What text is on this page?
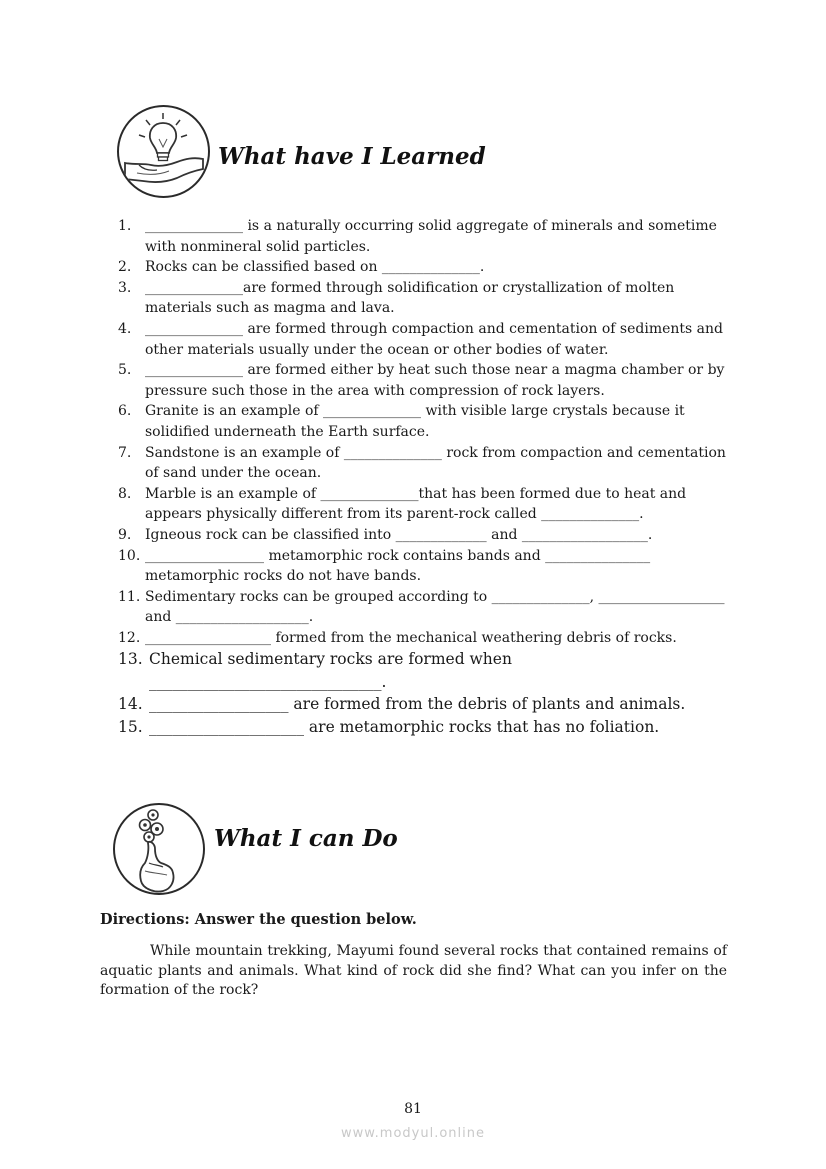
What have I Learned
1. ______________ is a naturally occurring solid aggregate of minerals and sometime with nonmineral solid particles.
2. Rocks can be classified based on ______________.
3. ______________are formed through solidification or crystallization of molten materials such as magma and lava.
4. ______________ are formed through compaction and cementation of sediments and other materials usually under the ocean or other bodies of water.
5. ______________ are formed either by heat such those near a magma chamber or by pressure such those in the area with compression of rock layers.
6. Granite is an example of ______________ with visible large crystals because it solidified underneath the Earth surface.
7. Sandstone is an example of ______________ rock from compaction and cementation of sand under the ocean.
8. Marble is an example of ______________that has been formed due to heat and appears physically different from its parent-rock called ______________.
9. Igneous rock can be classified into _____________ and __________________.
10. _________________ metamorphic rock contains bands and _______________ metamorphic rocks do not have bands.
11. Sedimentary rocks can be grouped according to ______________, __________________ and ___________________.
12. __________________ formed from the mechanical weathering debris of rocks.
13. Chemical sedimentary rocks are formed when ______________________________.
14. __________________ are formed from the debris of plants and animals.
15. ____________________ are metamorphic rocks that has no foliation.
What I can Do
Directions: Answer the question below.
While mountain trekking, Mayumi found several rocks that contained remains of aquatic plants and animals. What kind of rock did she find? What can you infer on the formation of the rock?
81
www.modyul.online
